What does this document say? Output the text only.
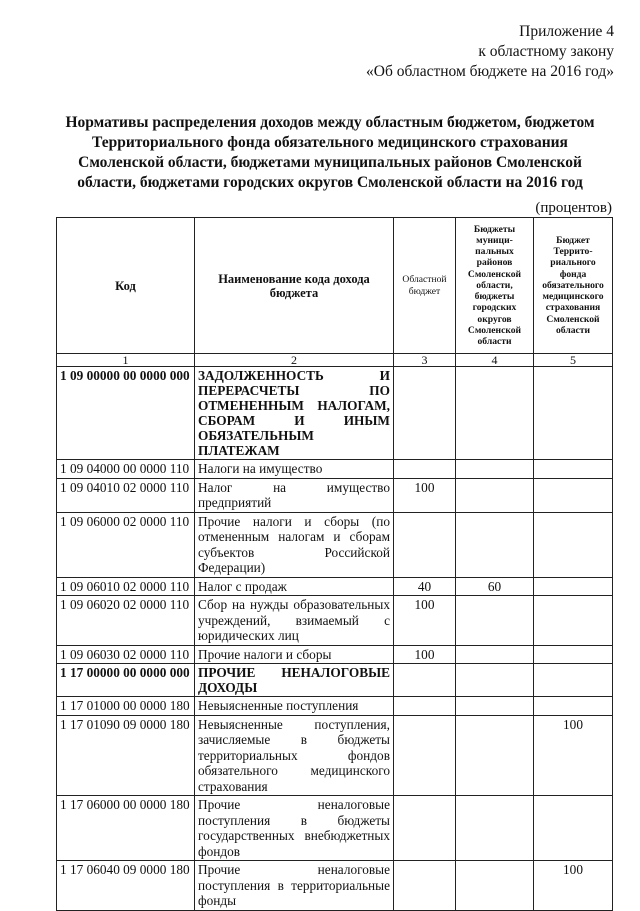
Приложение 4
к областному закону
«Об областном бюджете на 2016 год»
Нормативы распределения доходов между областным бюджетом, бюджетом
Территориального фонда обязательного медицинского страхования
Смоленской области, бюджетами муниципальных районов Смоленской
области, бюджетами городских округов Смоленской области на 2016 год
(процентов)
Код	Наименование кода дохода бюджета	Областной бюджет	Бюджеты муници-пальных районов Смоленской области, бюджеты городских округов Смоленской области	Бюджет Террито-риального фонда обязательного медицинского страхования Смоленской области
1	2	3	4	5
1 09 00000 00 0000 000	ЗАДОЛЖЕННОСТЬ И ПЕРЕРАСЧЕТЫ ПО ОТМЕНЕННЫМ НАЛОГАМ, СБОРАМ И ИНЫМ ОБЯЗАТЕЛЬНЫМ ПЛАТЕЖАМ			
1 09 04000 00 0000 110	Налоги на имущество			
1 09 04010 02 0000 110	Налог на имущество предприятий	100		
1 09 06000 02 0000 110	Прочие налоги и сборы (по отмененным налогам и сборам субъектов Российской Федерации)			
1 09 06010 02 0000 110	Налог с продаж	40	60	
1 09 06020 02 0000 110	Сбор на нужды образовательных учреждений, взимаемый с юридических лиц	100		
1 09 06030 02 0000 110	Прочие налоги и сборы	100		
1 17 00000 00 0000 000	ПРОЧИЕ НЕНАЛОГОВЫЕ ДОХОДЫ			
1 17 01000 00 0000 180	Невыясненные поступления			
1 17 01090 09 0000 180	Невыясненные поступления, зачисляемые в бюджеты территориальных фондов обязательного медицинского страхования			100
1 17 06000 00 0000 180	Прочие неналоговые поступления в бюджеты государственных внебюджетных фондов			
1 17 06040 09 0000 180	Прочие неналоговые поступления в территориальные фонды			100
